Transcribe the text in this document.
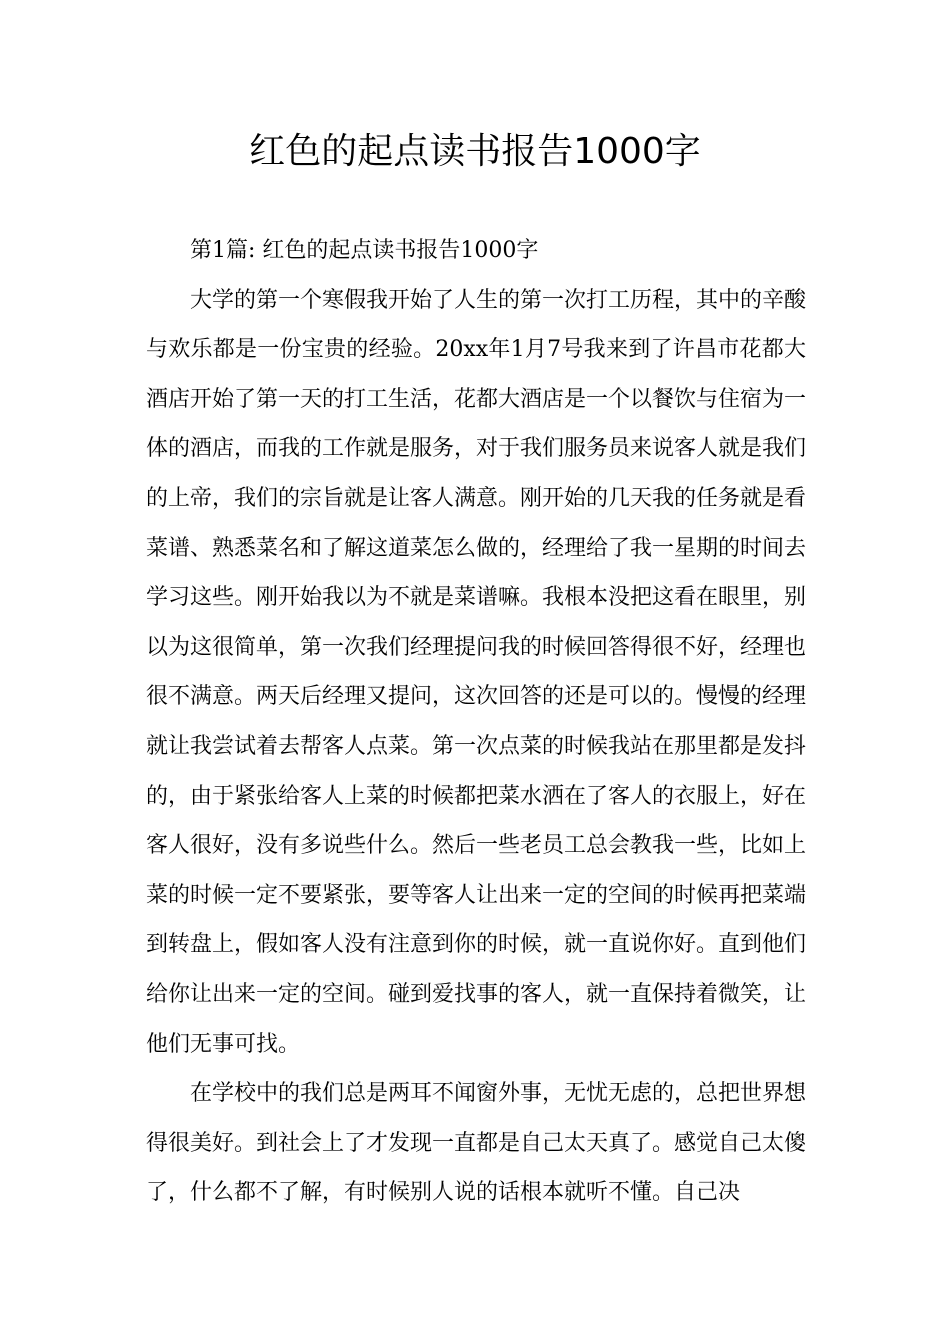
红色的起点读书报告1000字

第1篇: 红色的起点读书报告1000字

大学的第一个寒假我开始了人生的第一次打工历程，其中的辛酸与欢乐都是一份宝贵的经验。20xx年1月7号我来到了许昌市花都大酒店开始了第一天的打工生活，花都大酒店是一个以餐饮与住宿为一体的酒店，而我的工作就是服务，对于我们服务员来说客人就是我们的上帝，我们的宗旨就是让客人满意。刚开始的几天我的任务就是看菜谱、熟悉菜名和了解这道菜怎么做的，经理给了我一星期的时间去学习这些。刚开始我以为不就是菜谱嘛。我根本没把这看在眼里，别以为这很简单，第一次我们经理提问我的时候回答得很不好，经理也很不满意。两天后经理又提问，这次回答的还是可以的。慢慢的经理就让我尝试着去帮客人点菜。第一次点菜的时候我站在那里都是发抖的，由于紧张给客人上菜的时候都把菜水洒在了客人的衣服上，好在客人很好，没有多说些什么。然后一些老员工总会教我一些，比如上菜的时候一定不要紧张，要等客人让出来一定的空间的时候再把菜端到转盘上，假如客人没有注意到你的时候，就一直说你好。直到他们给你让出来一定的空间。碰到爱找事的客人，就一直保持着微笑，让他们无事可找。

在学校中的我们总是两耳不闻窗外事，无忧无虑的，总把世界想得很美好。到社会上了才发现一直都是自己太天真了。感觉自己太傻了，什么都不了解，有时候别人说的话根本就听不懂。自己决
